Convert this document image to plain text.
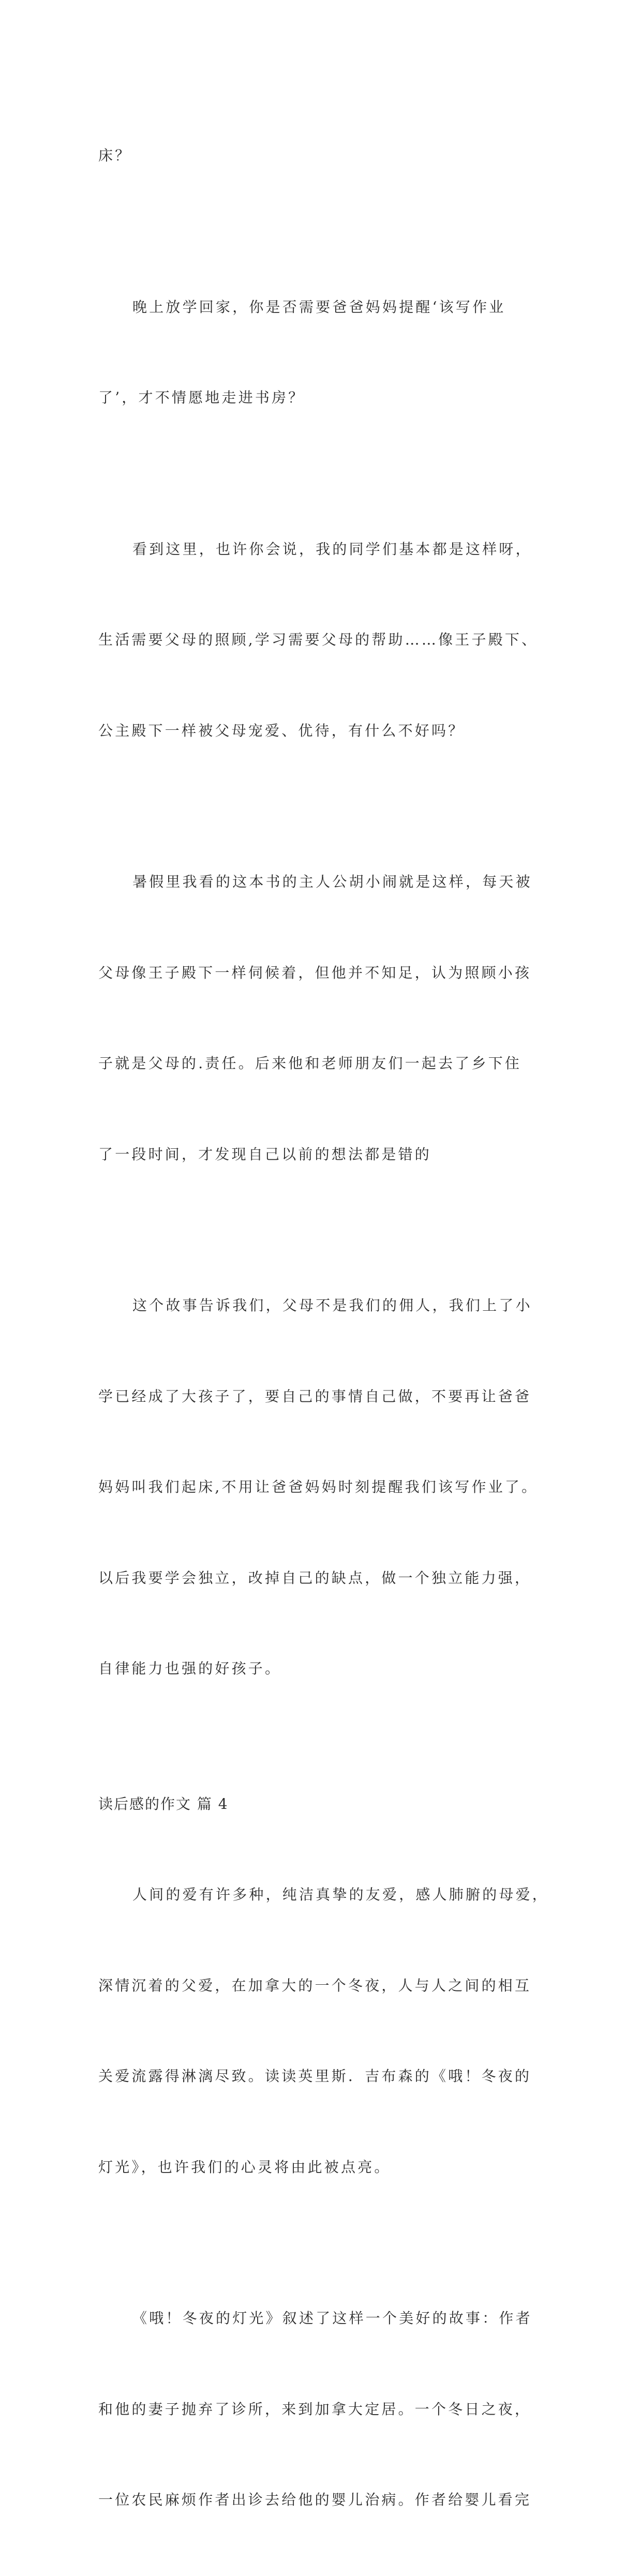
床？

晚上放学回家，你是否需要爸爸妈妈提醒‘该写作业

了’，才不情愿地走进书房？

看到这里，也许你会说，我的同学们基本都是这样呀，

生活需要父母的照顾,学习需要父母的帮助……像王子殿下、

公主殿下一样被父母宠爱、优待，有什么不好吗？

暑假里我看的这本书的主人公胡小闹就是这样，每天被

父母像王子殿下一样伺候着，但他并不知足，认为照顾小孩

子就是父母的.责任。后来他和老师朋友们一起去了乡下住

了一段时间，才发现自己以前的想法都是错的

这个故事告诉我们，父母不是我们的佣人，我们上了小

学已经成了大孩子了，要自己的事情自己做，不要再让爸爸

妈妈叫我们起床,不用让爸爸妈妈时刻提醒我们该写作业了。

以后我要学会独立，改掉自己的缺点，做一个独立能力强，

自律能力也强的好孩子。

读后感的作文 篇 4

人间的爱有许多种，纯洁真挚的友爱，感人肺腑的母爱，

深情沉着的父爱，在加拿大的一个冬夜，人与人之间的相互

关爱流露得淋漓尽致。读读英里斯．吉布森的《哦！冬夜的

灯光》，也许我们的心灵将由此被点亮。

《哦！冬夜的灯光》叙述了这样一个美好的故事：作者

和他的妻子抛弃了诊所，来到加拿大定居。一个冬日之夜，

一位农民麻烦作者出诊去给他的婴儿治病。作者给婴儿看完
